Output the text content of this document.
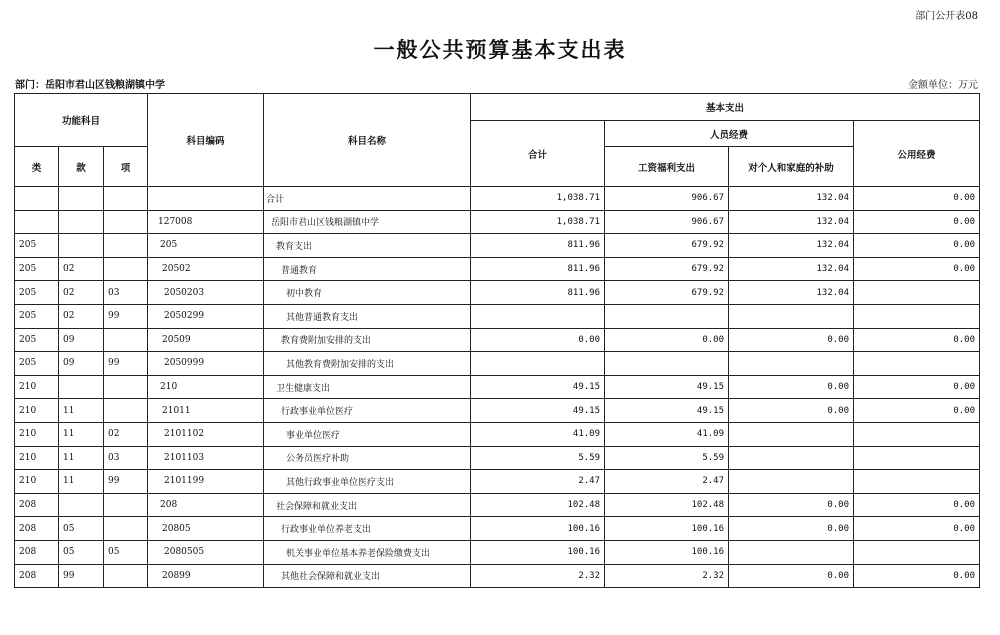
部门公开表08
一般公共预算基本支出表
部门：岳阳市君山区钱粮湖镇中学	金额单位：万元
功能科目			科目编码	科目名称	基本支出			
					合计	人员经费		公用经费
类	款	项				工资福利支出	对个人和家庭的补助	
				合计	1,038.71	906.67	132.04	0.00
			127008	岳阳市君山区钱粮湖镇中学	1,038.71	906.67	132.04	0.00
205			205	教育支出	811.96	679.92	132.04	0.00
205	02		20502	普通教育	811.96	679.92	132.04	0.00
205	02	03	2050203	初中教育	811.96	679.92	132.04	
205	02	99	2050299	其他普通教育支出				
205	09		20509	教育费附加安排的支出	0.00	0.00	0.00	0.00
205	09	99	2050999	其他教育费附加安排的支出				
210			210	卫生健康支出	49.15	49.15	0.00	0.00
210	11		21011	行政事业单位医疗	49.15	49.15	0.00	0.00
210	11	02	2101102	事业单位医疗	41.09	41.09		
210	11	03	2101103	公务员医疗补助	5.59	5.59		
210	11	99	2101199	其他行政事业单位医疗支出	2.47	2.47		
208			208	社会保障和就业支出	102.48	102.48	0.00	0.00
208	05		20805	行政事业单位养老支出	100.16	100.16	0.00	0.00
208	05	05	2080505	机关事业单位基本养老保险缴费支出	100.16	100.16		
208	99		20899	其他社会保障和就业支出	2.32	2.32	0.00	0.00
